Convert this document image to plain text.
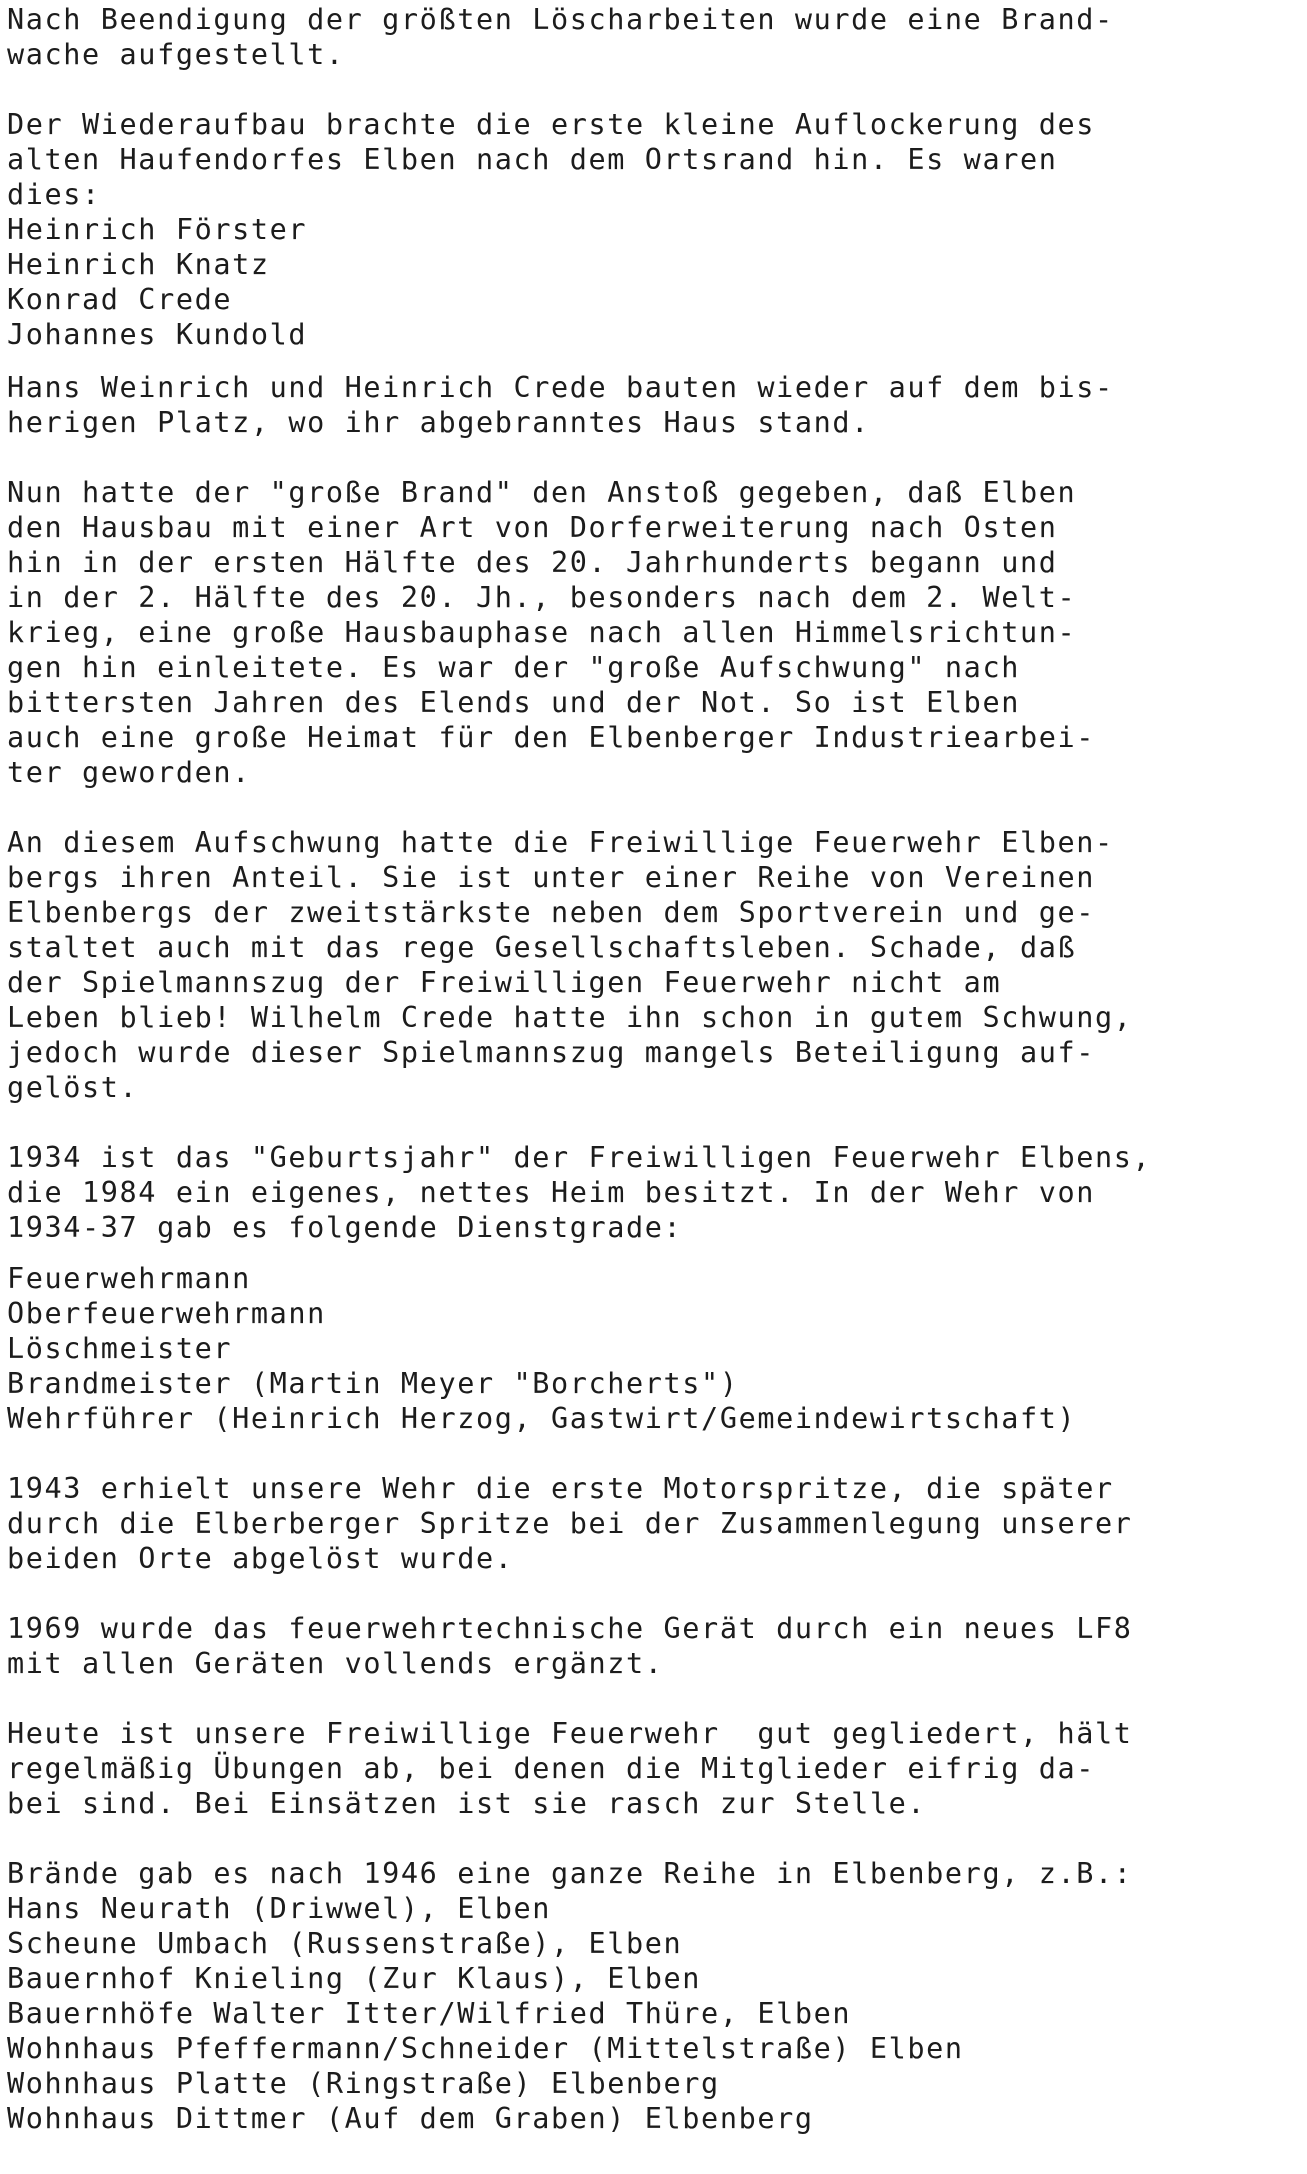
Nach Beendigung der größten Löscharbeiten wurde eine Brand-
wache aufgestellt.
Der Wiederaufbau brachte die erste kleine Auflockerung des
alten Haufendorfes Elben nach dem Ortsrand hin. Es waren
dies:
Heinrich Förster
Heinrich Knatz
Konrad Crede
Johannes Kundold
Hans Weinrich und Heinrich Crede bauten wieder auf dem bis-
herigen Platz, wo ihr abgebranntes Haus stand.
Nun hatte der "große Brand" den Anstoß gegeben, daß Elben
den Hausbau mit einer Art von Dorferweiterung nach Osten
hin in der ersten Hälfte des 20. Jahrhunderts begann und
in der 2. Hälfte des 20. Jh., besonders nach dem 2. Welt-
krieg, eine große Hausbauphase nach allen Himmelsrichtun-
gen hin einleitete. Es war der "große Aufschwung" nach
bittersten Jahren des Elends und der Not. So ist Elben
auch eine große Heimat für den Elbenberger Industriearbei-
ter geworden.
An diesem Aufschwung hatte die Freiwillige Feuerwehr Elben-
bergs ihren Anteil. Sie ist unter einer Reihe von Vereinen
Elbenbergs der zweitstärkste neben dem Sportverein und ge-
staltet auch mit das rege Gesellschaftsleben. Schade, daß
der Spielmannszug der Freiwilligen Feuerwehr nicht am
Leben blieb! Wilhelm Crede hatte ihn schon in gutem Schwung,
jedoch wurde dieser Spielmannszug mangels Beteiligung auf-
gelöst.
1934 ist das "Geburtsjahr" der Freiwilligen Feuerwehr Elbens,
die 1984 ein eigenes, nettes Heim besitzt. In der Wehr von
1934-37 gab es folgende Dienstgrade:
Feuerwehrmann
Oberfeuerwehrmann
Löschmeister
Brandmeister (Martin Meyer "Borcherts")
Wehrführer (Heinrich Herzog, Gastwirt/Gemeindewirtschaft)
1943 erhielt unsere Wehr die erste Motorspritze, die später
durch die Elberberger Spritze bei der Zusammenlegung unserer
beiden Orte abgelöst wurde.
1969 wurde das feuerwehrtechnische Gerät durch ein neues LF8
mit allen Geräten vollends ergänzt.
Heute ist unsere Freiwillige Feuerwehr  gut gegliedert, hält
regelmäßig Übungen ab, bei denen die Mitglieder eifrig da-
bei sind. Bei Einsätzen ist sie rasch zur Stelle.
Brände gab es nach 1946 eine ganze Reihe in Elbenberg, z.B.:
Hans Neurath (Driwwel), Elben
Scheune Umbach (Russenstraße), Elben
Bauernhof Knieling (Zur Klaus), Elben
Bauernhöfe Walter Itter/Wilfried Thüre, Elben
Wohnhaus Pfeffermann/Schneider (Mittelstraße) Elben
Wohnhaus Platte (Ringstraße) Elbenberg
Wohnhaus Dittmer (Auf dem Graben) Elbenberg
